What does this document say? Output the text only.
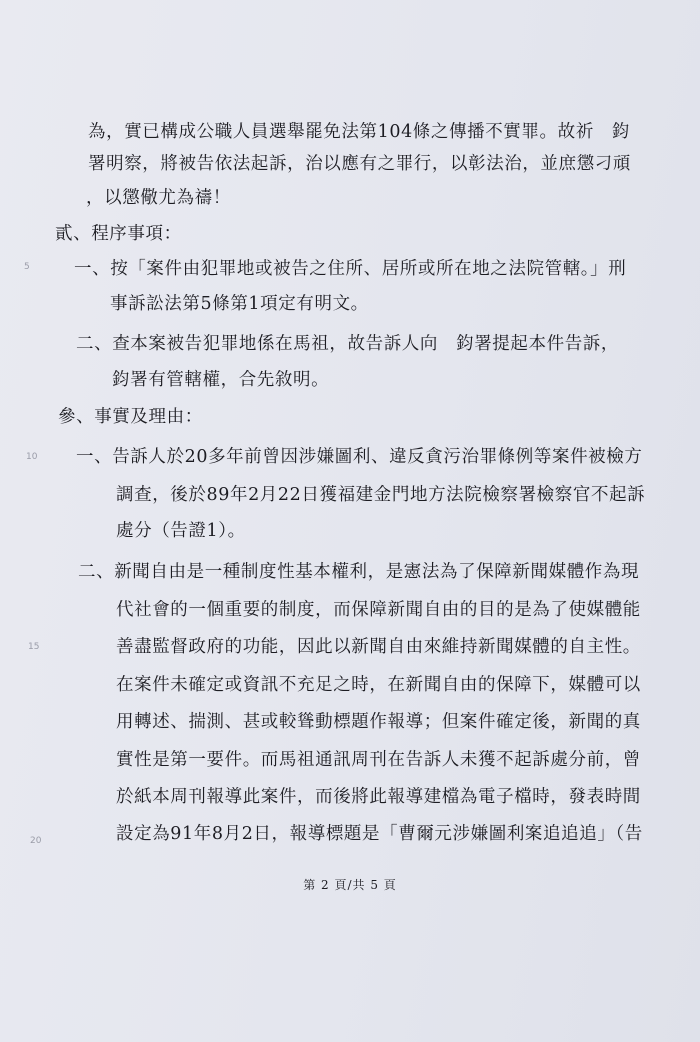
為，實已構成公職人員選舉罷免法第104條之傳播不實罪。故祈　鈞
署明察，將被告依法起訴，治以應有之罪行，以彰法治，並庶懲刁頑
，以懲儆尤為禱！
貳、程序事項：
一、按「案件由犯罪地或被告之住所、居所或所在地之法院管轄。」刑
事訴訟法第5條第1項定有明文。
二、查本案被告犯罪地係在馬祖，故告訴人向　鈞署提起本件告訴，
鈞署有管轄權，合先敘明。
參、事實及理由：
一、告訴人於20多年前曾因涉嫌圖利、違反貪污治罪條例等案件被檢方
調查，後於89年2月22日獲福建金門地方法院檢察署檢察官不起訴
處分（告證1）。
二、新聞自由是一種制度性基本權利，是憲法為了保障新聞媒體作為現
代社會的一個重要的制度，而保障新聞自由的目的是為了使媒體能
善盡監督政府的功能，因此以新聞自由來維持新聞媒體的自主性。
在案件未確定或資訊不充足之時，在新聞自由的保障下，媒體可以
用轉述、揣測、甚或較聳動標題作報導；但案件確定後，新聞的真
實性是第一要件。而馬祖通訊周刊在告訴人未獲不起訴處分前，曾
於紙本周刊報導此案件，而後將此報導建檔為電子檔時，發表時間
設定為91年8月2日，報導標題是「曹爾元涉嫌圖利案追追追」（告
5
10
15
20
第 2 頁/共 5 頁
